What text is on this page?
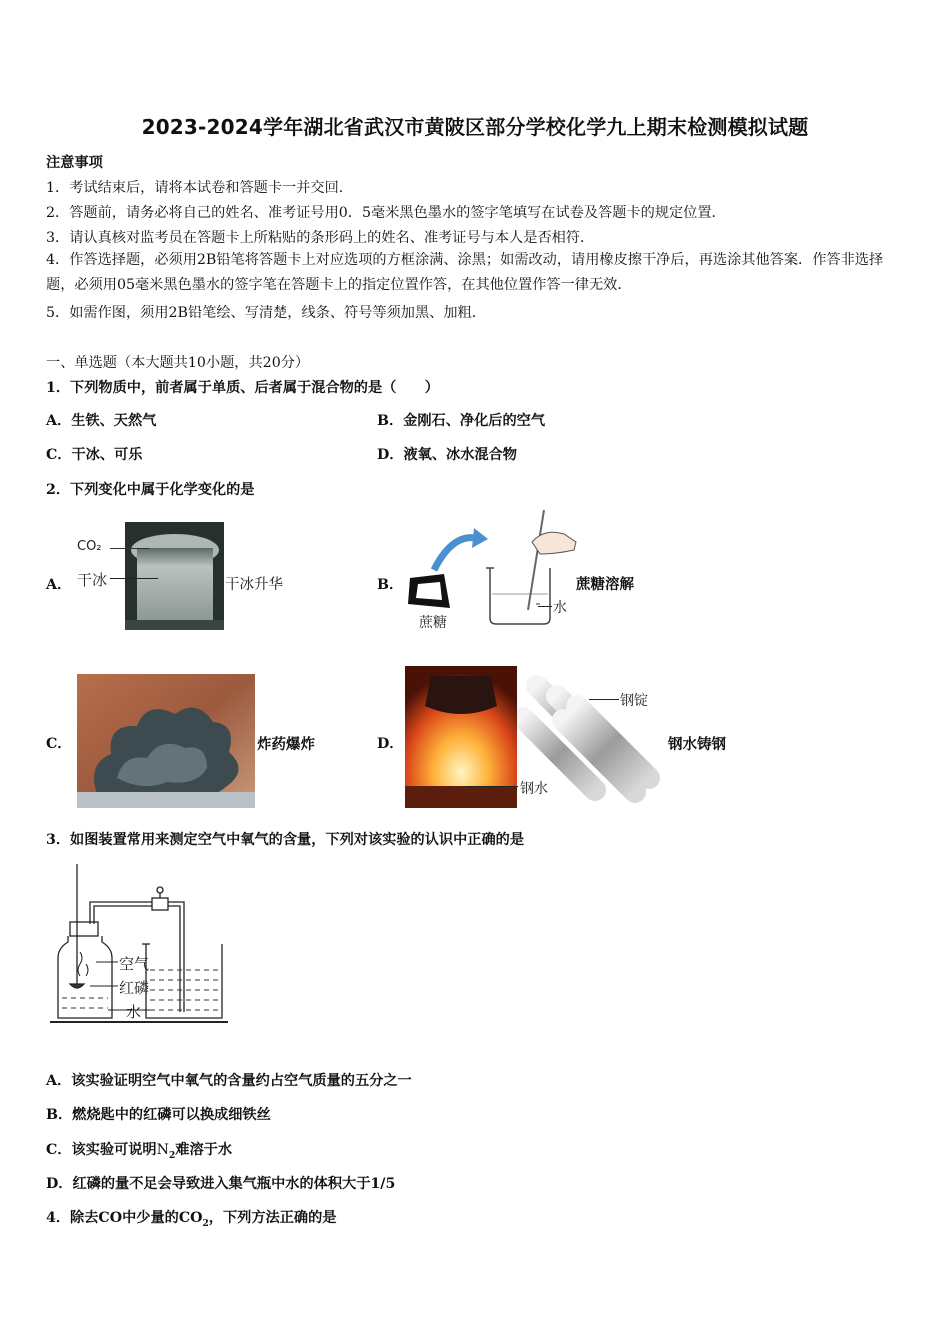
2023-2024学年湖北省武汉市黄陂区部分学校化学九上期末检测模拟试题
注意事项
1．考试结束后，请将本试卷和答题卡一并交回．
2．答题前，请务必将自己的姓名、准考证号用0．5毫米黑色墨水的签字笔填写在试卷及答题卡的规定位置．
3．请认真核对监考员在答题卡上所粘贴的条形码上的姓名、准考证号与本人是否相符．
4．作答选择题，必须用2B铅笔将答题卡上对应选项的方框涂满、涂黑；如需改动，请用橡皮擦干净后，再选涂其他答案．作答非选择题，必须用05毫米黑色墨水的签字笔在答题卡上的指定位置作答，在其他位置作答一律无效．
5．如需作图，须用2B铅笔绘、写清楚，线条、符号等须加黑、加粗．
一、单选题（本大题共10小题，共20分）
1．下列物质中，前者属于单质、后者属于混合物的是（　　）
A．生铁、天然气	B．金刚石、净化后的空气
C．干冰、可乐	D．液氧、冰水混合物
2．下列变化中属于化学变化的是
A．
CO₂
干冰	干冰升华	B．
蔗糖
水
蔗糖溶解
C．	炸药爆炸	D．
钢锭
钢水
钢水铸钢
3．如图装置常用来测定空气中氧气的含量，下列对该实验的认识中正确的是
空气
红磷
水
A．该实验证明空气中氧气的含量约占空气质量的五分之一
B．燃烧匙中的红磷可以换成细铁丝
C．该实验可说明$N_2$难溶于水
D．红磷的量不足会导致进入集气瓶中水的体积大于1/5
4．除去CO中少量的$CO_2$，下列方法正确的是
